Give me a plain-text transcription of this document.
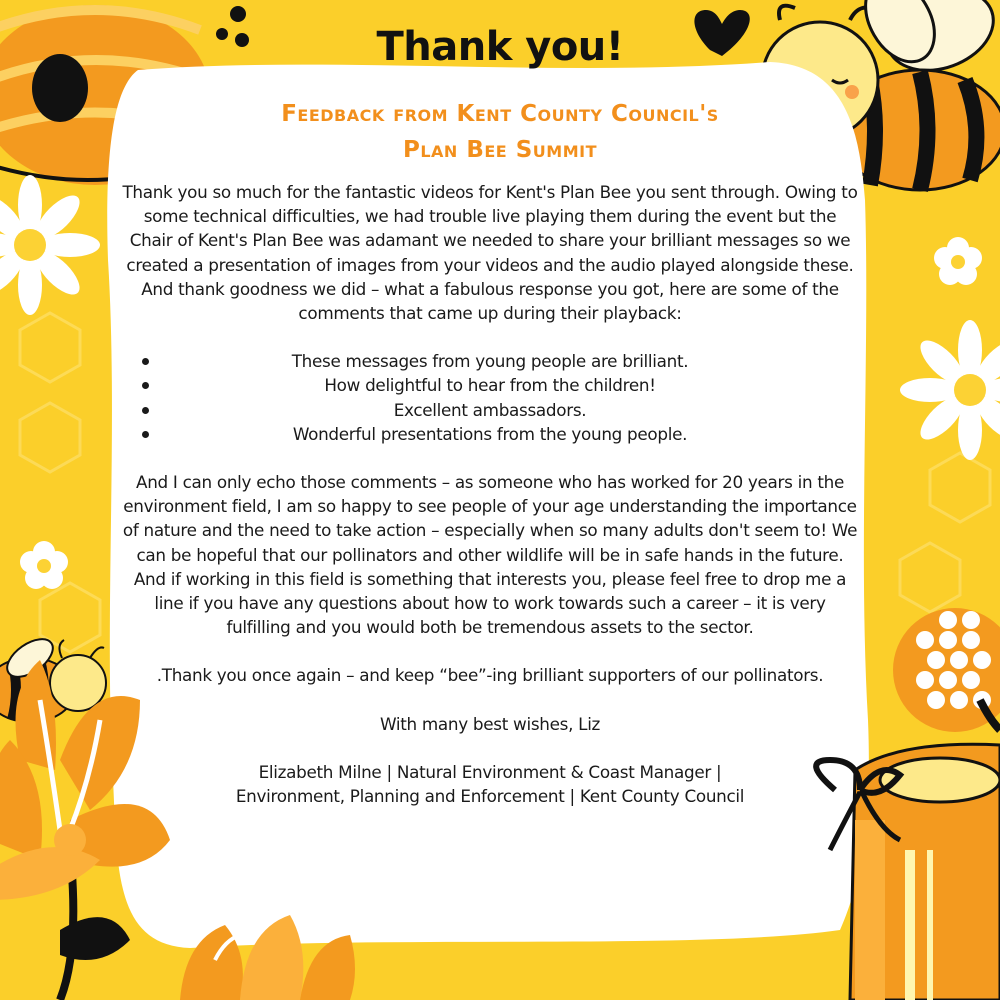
Thank you!
Feedback from Kent County Council's Plan Bee Summit

Thank you so much for the fantastic videos for Kent's Plan Bee you sent through. Owing to some technical difficulties, we had trouble live playing them during the event but the Chair of Kent's Plan Bee was adamant we needed to share your brilliant messages so we created a presentation of images from your videos and the audio played alongside these. And thank goodness we did – what a fabulous response you got, here are some of the comments that came up during their playback:

These messages from young people are brilliant.
How delightful to hear from the children!
Excellent ambassadors.
Wonderful presentations from the young people.

And I can only echo those comments – as someone who has worked for 20 years in the environment field, I am so happy to see people of your age understanding the importance of nature and the need to take action – especially when so many adults don't seem to! We can be hopeful that our pollinators and other wildlife will be in safe hands in the future. And if working in this field is something that interests you, please feel free to drop me a line if you have any questions about how to work towards such a career – it is very fulfilling and you would both be tremendous assets to the sector.

.Thank you once again – and keep “bee”-ing brilliant supporters of our pollinators.

With many best wishes, Liz

Elizabeth Milne | Natural Environment & Coast Manager |

Environment, Planning and Enforcement | Kent County Council
